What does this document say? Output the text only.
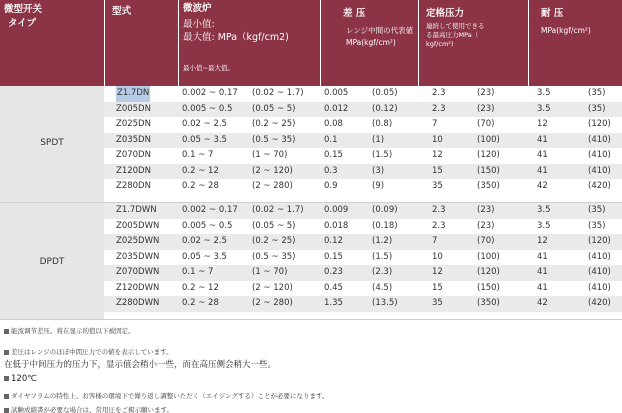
微型开关
タイプ
型式	微波炉
最小值:
最大值: MPa（kgf/cm2)
最小值~最大值。
差 压
レンジ中間の代表値
MPa(kgf/cm²)
定格压力
連続して使用できる
る最高圧力MPa（
kgf/cm²)
耐 压
MPa(kgf/cm²)
SPDT
DPDT
Z1.7DN	0.002 ~ 0.17 (0.02 ~ 1.7) 0.005	(0.05)	2.3	(23)	3.5	(35)
Z005DN	0.005 ~ 0.5 (0.05 ~ 5)	0.012	(0.12)	2.3	(23)	3.5	(35)
Z025DN	0.02 ~ 2.5	(0.2 ~ 25)	0.08	(0.8)	7	(70)	12	(120)
Z035DN	0.05 ~ 3.5	(0.5 ~ 35)	0.1	(1)	10	(100)	41	(410)
Z070DN	0.1 ~ 7	(1 ~ 70)	0.15	(1.5)	12	(120)	41	(410)
Z120DN	0.2 ~ 12	(2 ~ 120)	0.3	(3)	15	(150)	41	(410)
Z280DN	0.2 ~ 28	(2 ~ 280)	0.9	(9)	35	(350)	42	(420)
Z1.7DWN	0.002 ~ 0.17 (0.02 ~ 1.7) 0.009	(0.09)	2.3	(23)	3.5	(35)
Z005DWN	0.005 ~ 0.5 (0.05 ~ 5)	0.018	(0.18)	2.3	(23)	3.5	(35)
Z025DWN	0.02 ~ 2.5	(0.2 ~ 25)	0.12	(1.2)	7	(70)	12	(120)
Z035DWN	0.05 ~ 3.5	(0.5 ~ 35)	0.15	(1.5)	10	(100)	41	(410)
Z070DWN	0.1 ~ 7	(1 ~ 70)	0.23	(2.3)	12	(120)	41	(410)
Z120DWN	0.2 ~ 12	(2 ~ 120)	0.45	(4.5)	15	(150)	41	(410)
Z280DWN	0.2 ~ 28	(2 ~ 280)	1.35	(13.5)	35	(350)	42	(420)
能流调节差压。将在显示的值以下被固定。
差圧はレンジのほぼ中間圧力での値を表示しています。
在低于中间压力的压力下，显示值会稍小一些，而在高压侧会稍大一些。
120℃
ダイヤフラムの特性上、お客様の環境下で繰り返し調整いただく（エイジングする）ことが必要になります。
試験成績書が必要な場合は、常用圧をご掲示願います。
